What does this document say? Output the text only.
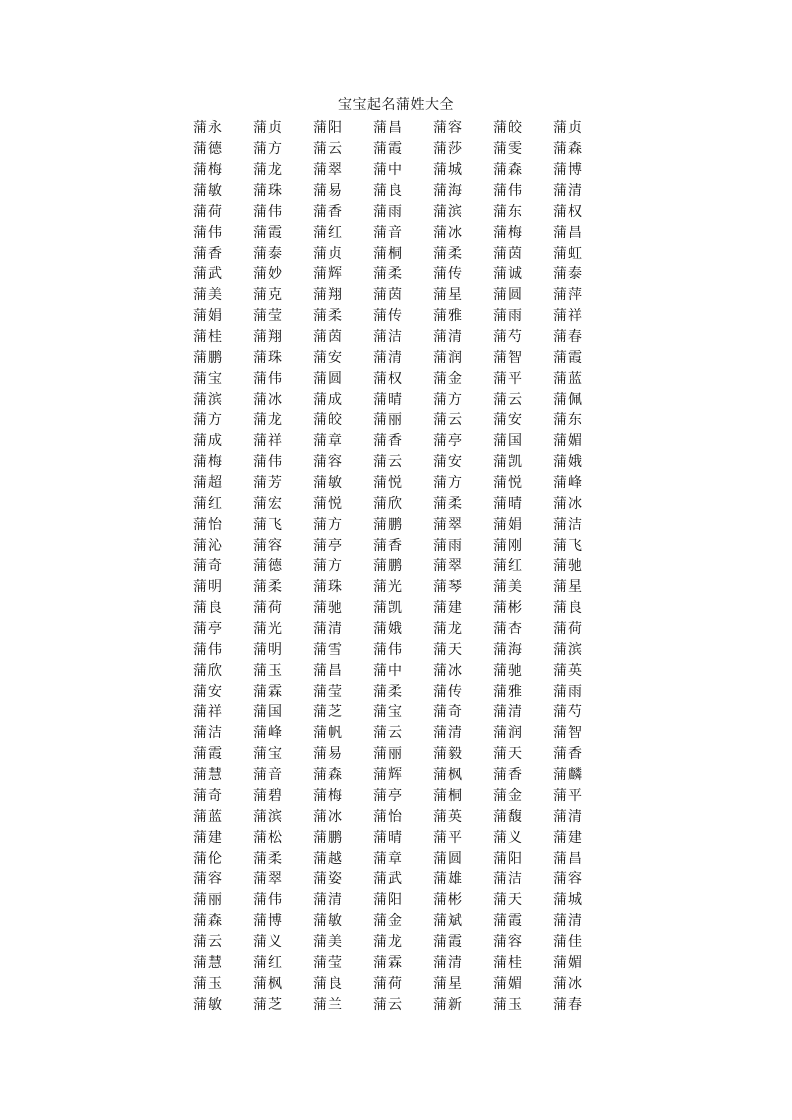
宝宝起名蒲姓大全
蒲永	蒲贞	蒲阳	蒲昌	蒲容	蒲皎	蒲贞
蒲德	蒲方	蒲云	蒲霞	蒲莎	蒲雯	蒲森
蒲梅	蒲龙	蒲翠	蒲中	蒲城	蒲森	蒲博
蒲敏	蒲珠	蒲易	蒲良	蒲海	蒲伟	蒲清
蒲荷	蒲伟	蒲香	蒲雨	蒲滨	蒲东	蒲权
蒲伟	蒲霞	蒲红	蒲音	蒲冰	蒲梅	蒲昌
蒲香	蒲泰	蒲贞	蒲桐	蒲柔	蒲茵	蒲虹
蒲武	蒲妙	蒲辉	蒲柔	蒲传	蒲诚	蒲泰
蒲美	蒲克	蒲翔	蒲茵	蒲星	蒲圆	蒲萍
蒲娟	蒲莹	蒲柔	蒲传	蒲雅	蒲雨	蒲祥
蒲桂	蒲翔	蒲茵	蒲洁	蒲清	蒲芍	蒲春
蒲鹏	蒲珠	蒲安	蒲清	蒲润	蒲智	蒲霞
蒲宝	蒲伟	蒲圆	蒲权	蒲金	蒲平	蒲蓝
蒲滨	蒲冰	蒲成	蒲晴	蒲方	蒲云	蒲佩
蒲方	蒲龙	蒲皎	蒲丽	蒲云	蒲安	蒲东
蒲成	蒲祥	蒲章	蒲香	蒲亭	蒲国	蒲媚
蒲梅	蒲伟	蒲容	蒲云	蒲安	蒲凯	蒲娥
蒲超	蒲芳	蒲敏	蒲悦	蒲方	蒲悦	蒲峰
蒲红	蒲宏	蒲悦	蒲欣	蒲柔	蒲晴	蒲冰
蒲怡	蒲飞	蒲方	蒲鹏	蒲翠	蒲娟	蒲洁
蒲沁	蒲容	蒲亭	蒲香	蒲雨	蒲刚	蒲飞
蒲奇	蒲德	蒲方	蒲鹏	蒲翠	蒲红	蒲驰
蒲明	蒲柔	蒲珠	蒲光	蒲琴	蒲美	蒲星
蒲良	蒲荷	蒲驰	蒲凯	蒲建	蒲彬	蒲良
蒲亭	蒲光	蒲清	蒲娥	蒲龙	蒲杏	蒲荷
蒲伟	蒲明	蒲雪	蒲伟	蒲天	蒲海	蒲滨
蒲欣	蒲玉	蒲昌	蒲中	蒲冰	蒲驰	蒲英
蒲安	蒲霖	蒲莹	蒲柔	蒲传	蒲雅	蒲雨
蒲祥	蒲国	蒲芝	蒲宝	蒲奇	蒲清	蒲芍
蒲洁	蒲峰	蒲帆	蒲云	蒲清	蒲润	蒲智
蒲霞	蒲宝	蒲易	蒲丽	蒲毅	蒲天	蒲香
蒲慧	蒲音	蒲森	蒲辉	蒲枫	蒲香	蒲麟
蒲奇	蒲碧	蒲梅	蒲亭	蒲桐	蒲金	蒲平
蒲蓝	蒲滨	蒲冰	蒲怡	蒲英	蒲馥	蒲清
蒲建	蒲松	蒲鹏	蒲晴	蒲平	蒲义	蒲建
蒲伦	蒲柔	蒲越	蒲章	蒲圆	蒲阳	蒲昌
蒲容	蒲翠	蒲姿	蒲武	蒲雄	蒲洁	蒲容
蒲丽	蒲伟	蒲清	蒲阳	蒲彬	蒲天	蒲城
蒲森	蒲博	蒲敏	蒲金	蒲斌	蒲霞	蒲清
蒲云	蒲义	蒲美	蒲龙	蒲霞	蒲容	蒲佳
蒲慧	蒲红	蒲莹	蒲霖	蒲清	蒲桂	蒲媚
蒲玉	蒲枫	蒲良	蒲荷	蒲星	蒲媚	蒲冰
蒲敏	蒲芝	蒲兰	蒲云	蒲新	蒲玉	蒲春
